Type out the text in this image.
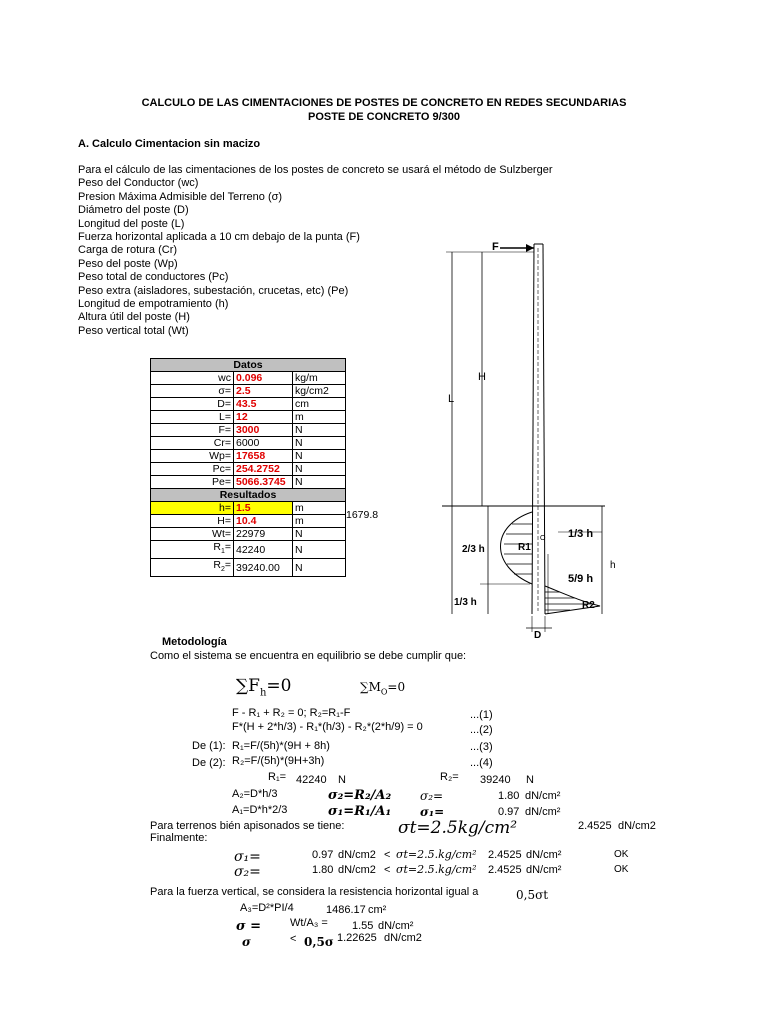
CALCULO DE LAS CIMENTACIONES DE POSTES DE CONCRETO EN REDES SECUNDARIAS
POSTE DE CONCRETO 9/300
A. Calculo Cimentacion sin macizo
Para el cálculo de las cimentaciones de los postes de concreto se usará el método de Sulzberger
Peso del Conductor (wc)
Presion Máxima Admisible del Terreno (σ)
Diámetro del poste (D)
Longitud del poste (L)
Fuerza horizontal aplicada a 10 cm debajo de la punta (F)
Carga de rotura (Cr)
Peso del poste (Wp)
Peso total de conductores (Pc)
Peso extra (aisladores, subestación, crucetas, etc) (Pe)
Longitud de empotramiento (h)
Altura útil del poste (H)
Peso vertical total (Wt)
Datos		
wc	0.096	kg/m
σ=	2.5	kg/cm2
D=	43.5	cm
L=	12	m
F=	3000	N
Cr=	6000	N
Wp=	17658	N
Pc=	254.2752	N
Pe=	5066.3745	N
Resultados		
h=	1.5	m
H=	10.4	m
Wt=	22979	N
$R_1=$	42240	N
$R_2=$	39240.00	N
1679.8
F
H
L
2/3 h	R1
O 1/3 h
h
5/9 h
1/3 h	R2
D
Metodología
Como el sistema se encuentra en equilibrio se debe cumplir que:
$\sum F_h=0$	$\sum M_O=0$
F - R₁ + R₂ = 0; R₂=R₁-F	...(1)
F*(H + 2*h/3) - R₁*(h/3) - R₂*(2*h/9) = 0	...(2)
De (1): R₁=F/(5h)*(9H + 8h)	...(3)
De (2): R₂=F/(5h)*(9H+3h)	...(4)
R₁= 42240 N	R₂= 39240 N
A₂=D*h/3	σ₂=R₂/A₂ σ₂=	1.80 dN/cm²
A₁=D*h*2/3	σ₁=R₁/A₁ σ₁=	0.97 dN/cm²
Para terrenos bién apisonados se tiene:	σt=2.5kg/cm²	2.4525 dN/cm2
Finalmente:
σ₁=	0.97 dN/cm2 < σt=2.5.kg/cm² 2.4525 dN/cm²	OK
σ₂=	1.80 dN/cm2 < σt=2.5.kg/cm² 2.4525 dN/cm²	OK
Para la fuerza vertical, se considera la resistencia horizontal igual a	0,5σt
A₃=D²*PI/4	1486.17 cm²
σ =	Wt/A₃ = 1.55 dN/cm²
σ	< 0,5σ 1.22625 dN/cm2
